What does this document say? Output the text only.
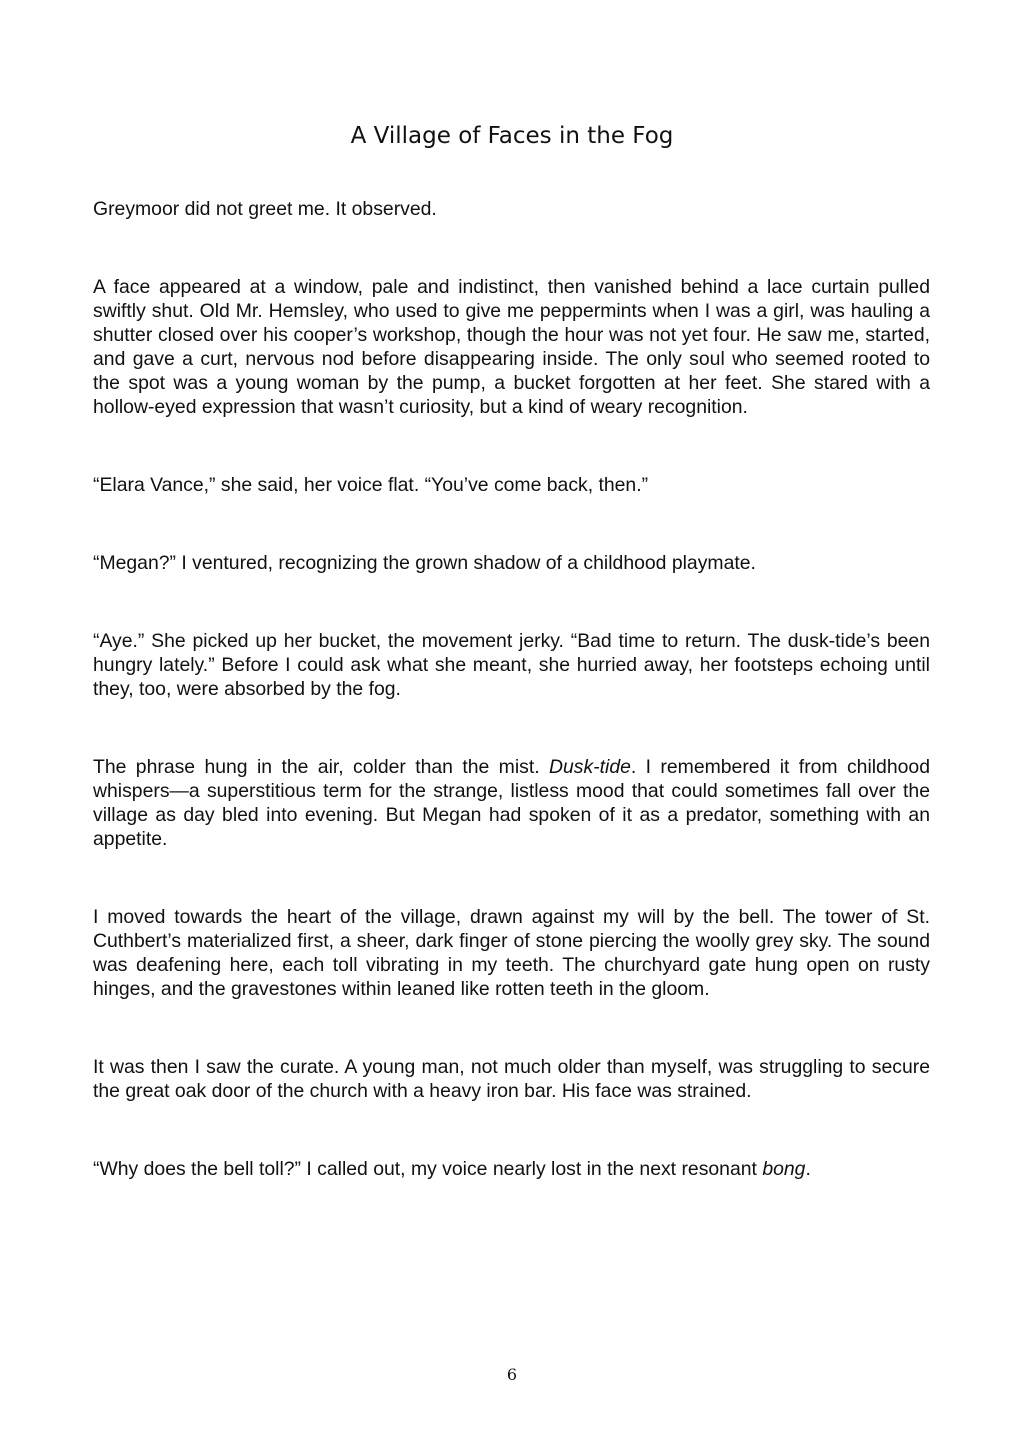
A Village of Faces in the Fog

Greymoor did not greet me. It observed.

A face appeared at a window, pale and indistinct, then vanished behind a lace curtain pulled swiftly shut. Old Mr. Hemsley, who used to give me peppermints when I was a girl, was hauling a shutter closed over his cooper’s workshop, though the hour was not yet four. He saw me, started, and gave a curt, nervous nod before disappearing inside. The only soul who seemed rooted to the spot was a young woman by the pump, a bucket forgotten at her feet. She stared with a hollow-eyed expression that wasn’t curiosity, but a kind of weary recognition.

“Elara Vance,” she said, her voice flat. “You’ve come back, then.”

“Megan?” I ventured, recognizing the grown shadow of a childhood playmate.

“Aye.” She picked up her bucket, the movement jerky. “Bad time to return. The dusk-tide’s been hungry lately.” Before I could ask what she meant, she hurried away, her footsteps echoing until they, too, were absorbed by the fog.

The phrase hung in the air, colder than the mist. Dusk-tide. I remembered it from childhood whispers—a superstitious term for the strange, listless mood that could sometimes fall over the village as day bled into evening. But Megan had spoken of it as a predator, something with an appetite.

I moved towards the heart of the village, drawn against my will by the bell. The tower of St. Cuthbert’s materialized first, a sheer, dark finger of stone piercing the woolly grey sky. The sound was deafening here, each toll vibrating in my teeth. The churchyard gate hung open on rusty hinges, and the gravestones within leaned like rotten teeth in the gloom.

It was then I saw the curate. A young man, not much older than myself, was struggling to secure the great oak door of the church with a heavy iron bar. His face was strained.

“Why does the bell toll?” I called out, my voice nearly lost in the next resonant bong.

6
